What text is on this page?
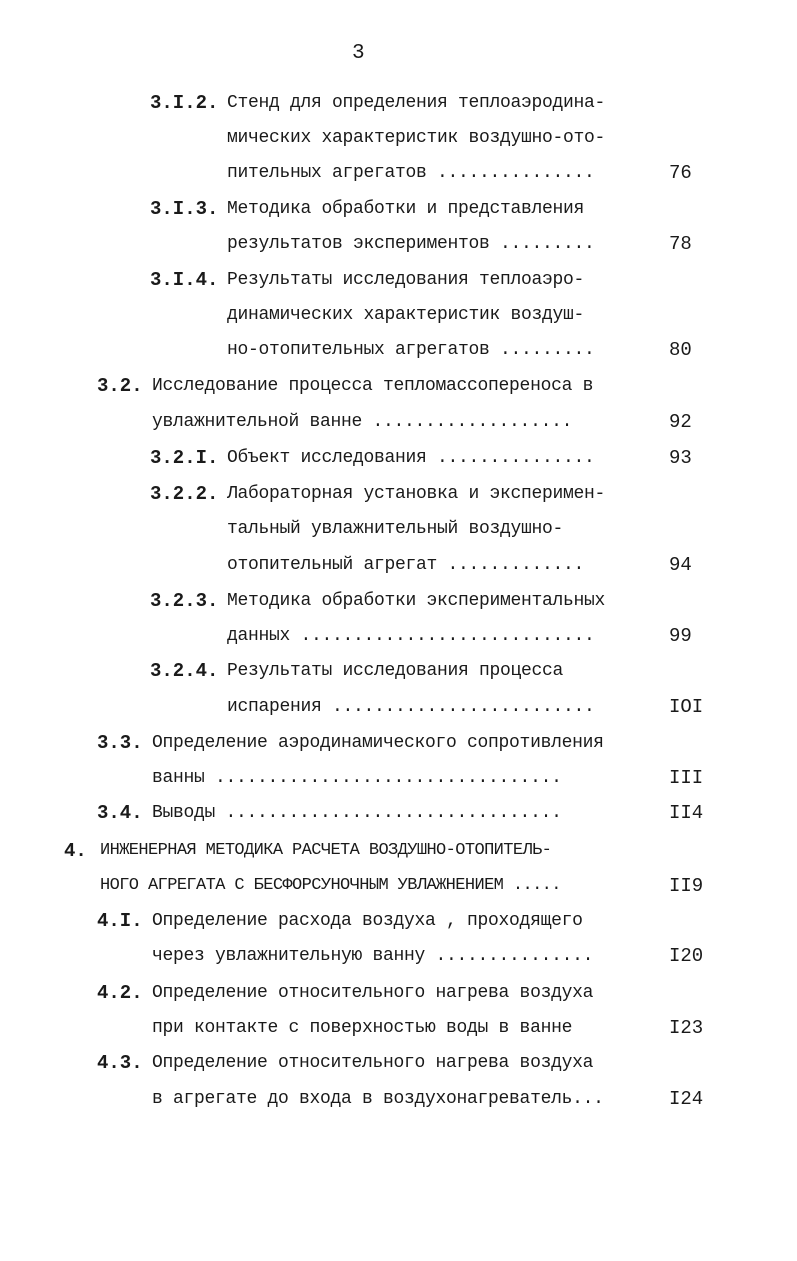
3
3.I.2. Стенд для определения теплоаэродина-
мических характеристик воздушно-ото-
пительных агрегатов ...............	76
3.I.3. Методика обработки и представления
результатов экспериментов .........	78
3.I.4. Результаты исследования теплоаэро-
динамических характеристик воздуш-
но-отопительных агрегатов .........	80
3.2. Исследование процесса тепломассопереноса в
увлажнительной ванне ...................	92
3.2.I. Объект исследования ...............	93
3.2.2. Лабораторная установка и эксперимен-
тальный увлажнительный воздушно-
отопительный агрегат .............	94
3.2.3. Методика обработки экспериментальных
данных ............................	99
3.2.4. Результаты исследования процесса
испарения .........................	IOI
3.3. Определение аэродинамического сопротивления
ванны .................................	III
3.4. Выводы ................................	II4
4. ИНЖЕНЕРНАЯ МЕТОДИКА РАСЧЕТА ВОЗДУШНО-ОТОПИТЕЛЬ-
НОГО АГРЕГАТА С БЕСФОРСУНОЧНЫМ УВЛАЖНЕНИЕМ .....	II9
4.I. Определение расхода воздуха , проходящего
через увлажнительную ванну ...............	I20
4.2. Определение относительного нагрева воздуха
при контакте с поверхностью воды в ванне	I23
4.3. Определение относительного нагрева воздуха
в агрегате до входа в воздухонагреватель...	I24
